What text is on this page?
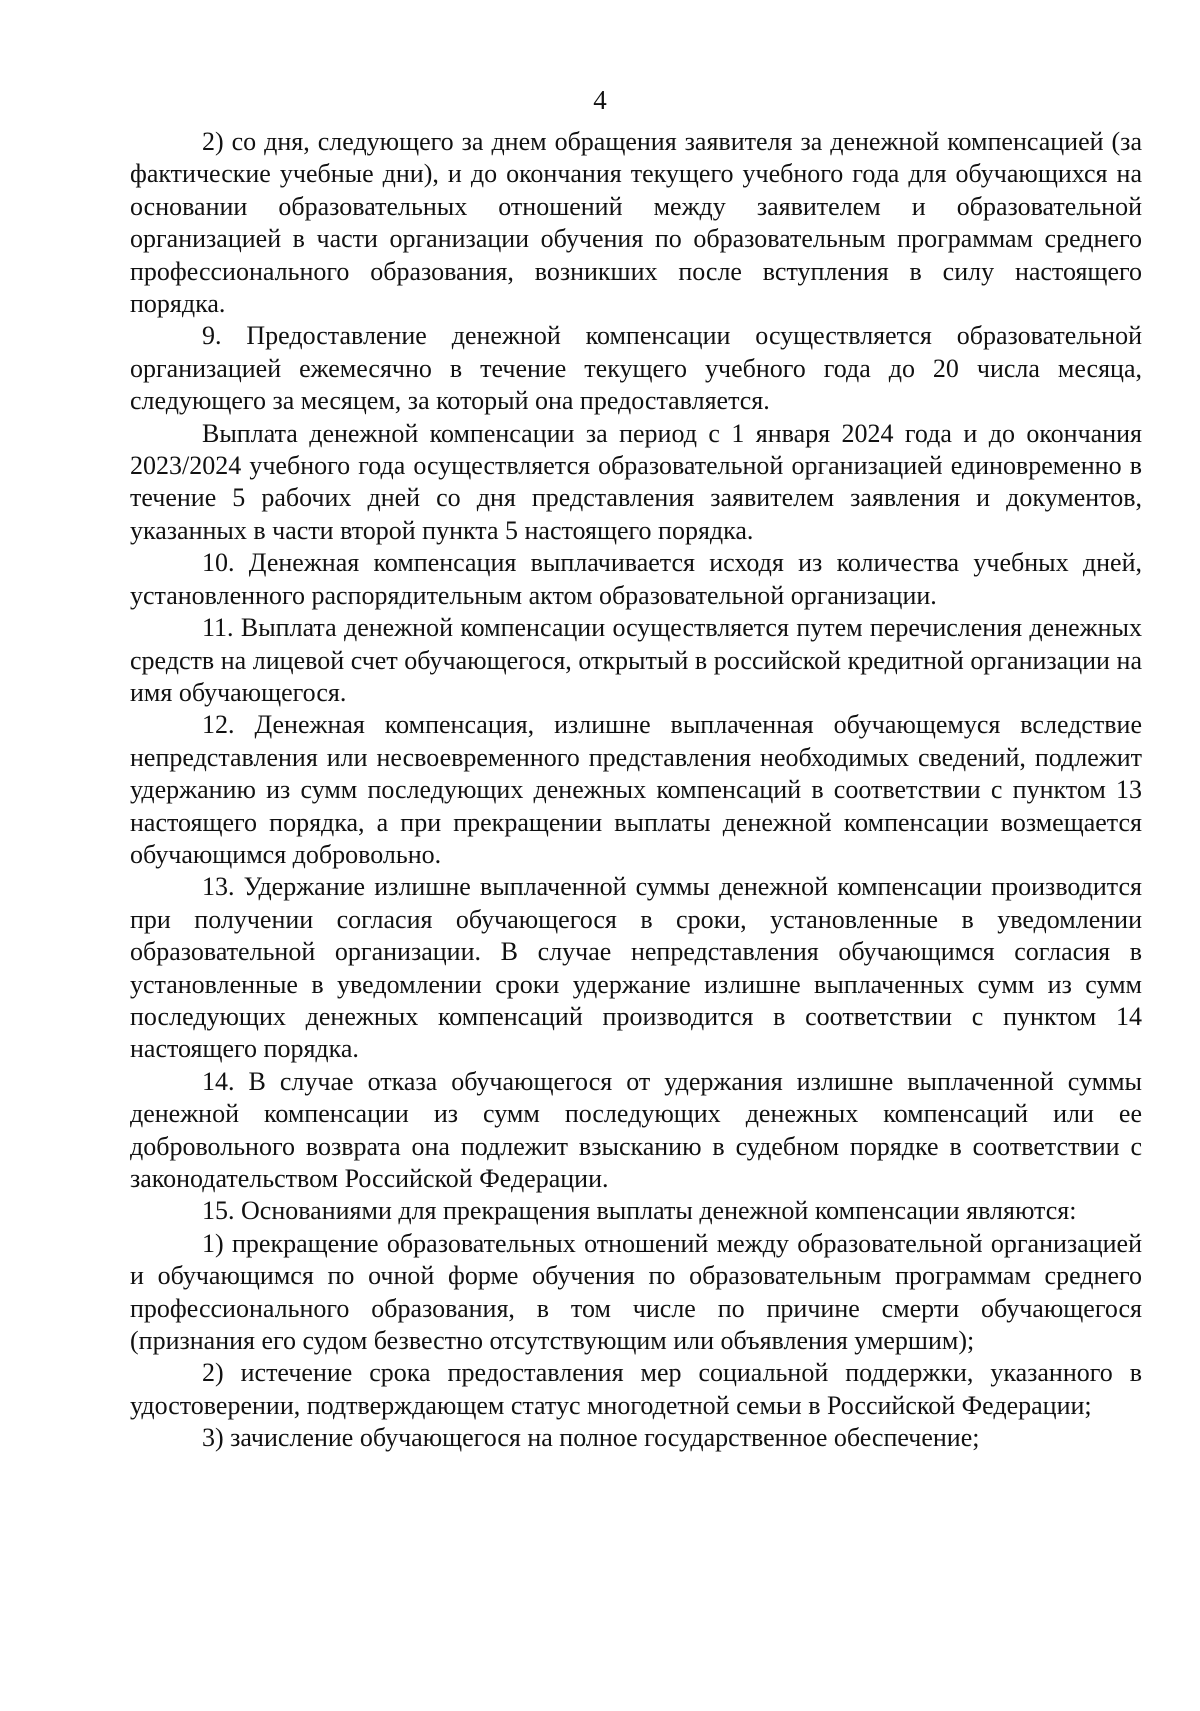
4

2) со дня, следующего за днем обращения заявителя за денежной компенсацией (за фактические учебные дни), и до окончания текущего учебного года для обучающихся на основании образовательных отношений между заявителем и образовательной организацией в части организации обучения по образовательным программам среднего профессионального образования, возникших после вступления в силу настоящего порядка.

9. Предоставление денежной компенсации осуществляется образовательной организацией ежемесячно в течение текущего учебного года до 20 числа месяца, следующего за месяцем, за который она предоставляется.

Выплата денежной компенсации за период с 1 января 2024 года и до окончания 2023/2024 учебного года осуществляется образовательной организацией единовременно в течение 5 рабочих дней со дня представления заявителем заявления и документов, указанных в части второй пункта 5 настоящего порядка.

10. Денежная компенсация выплачивается исходя из количества учебных дней, установленного распорядительным актом образовательной организации.

11. Выплата денежной компенсации осуществляется путем перечисления денежных средств на лицевой счет обучающегося, открытый в российской кредитной организации на имя обучающегося.

12. Денежная компенсация, излишне выплаченная обучающемуся вследствие непредставления или несвоевременного представления необходимых сведений, подлежит удержанию из сумм последующих денежных компенсаций в соответствии с пунктом 13 настоящего порядка, а при прекращении выплаты денежной компенсации возмещается обучающимся добровольно.

13. Удержание излишне выплаченной суммы денежной компенсации производится при получении согласия обучающегося в сроки, установленные в уведомлении образовательной организации. В случае непредставления обучающимся согласия в установленные в уведомлении сроки удержание излишне выплаченных сумм из сумм последующих денежных компенсаций производится в соответствии с пунктом 14 настоящего порядка.

14. В случае отказа обучающегося от удержания излишне выплаченной суммы денежной компенсации из сумм последующих денежных компенсаций или ее добровольного возврата она подлежит взысканию в судебном порядке в соответствии с законодательством Российской Федерации.

15. Основаниями для прекращения выплаты денежной компенсации являются:

1) прекращение образовательных отношений между образовательной организацией и обучающимся по очной форме обучения по образовательным программам среднего профессионального образования, в том числе по причине смерти обучающегося (признания его судом безвестно отсутствующим или объявления умершим);

2) истечение срока предоставления мер социальной поддержки, указанного в удостоверении, подтверждающем статус многодетной семьи в Российской Федерации;

3) зачисление обучающегося на полное государственное обеспечение;
